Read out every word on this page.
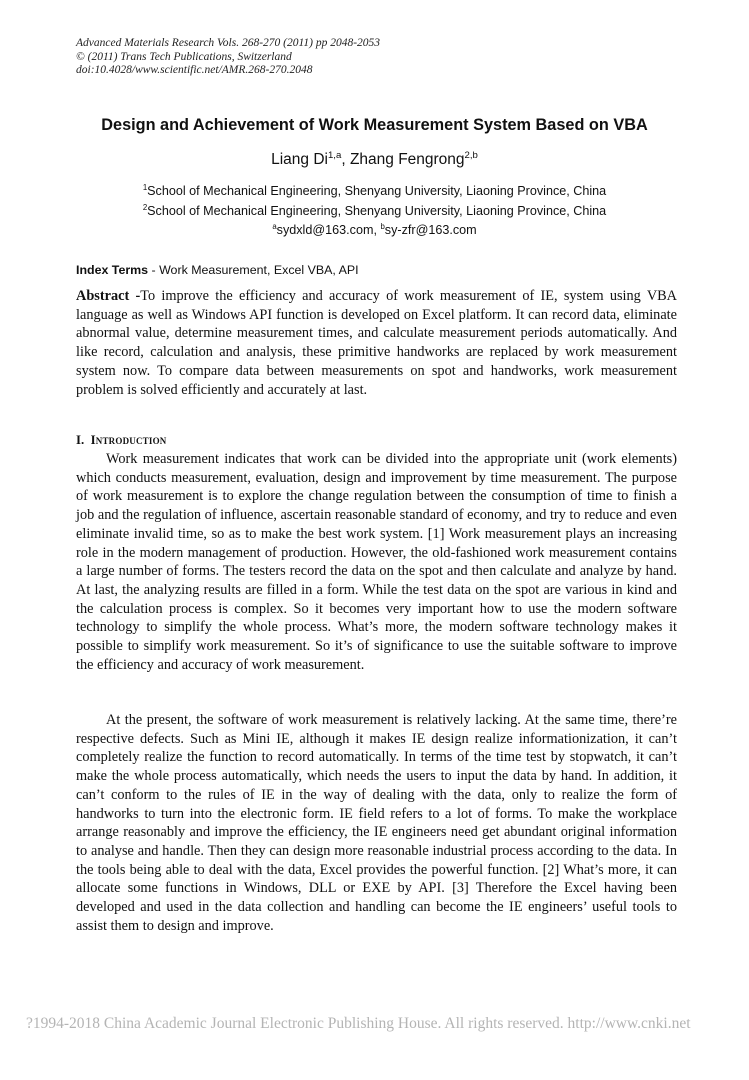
Advanced Materials Research Vols. 268-270 (2011) pp 2048-2053
© (2011) Trans Tech Publications, Switzerland
doi:10.4028/www.scientific.net/AMR.268-270.2048
Design and Achievement of Work Measurement System Based on VBA
Liang Di$^{1,a}$, Zhang Fengrong$^{2,b}$
$^1$School of Mechanical Engineering, Shenyang University, Liaoning Province, China
$^2$School of Mechanical Engineering, Shenyang University, Liaoning Province, China
$^a$sydxld@163.com, $^b$sy-zfr@163.com
Index Terms - Work Measurement, Excel VBA, API
Abstract -To improve the efficiency and accuracy of work measurement of IE, system using VBA language as well as Windows API function is developed on Excel platform. It can record data, eliminate abnormal value, determine measurement times, and calculate measurement periods automatically. And like record, calculation and analysis, these primitive handworks are replaced by work measurement system now. To compare data between measurements on spot and handworks, work measurement problem is solved efficiently and accurately at last.
I. Introduction
Work measurement indicates that work can be divided into the appropriate unit (work elements) which conducts measurement, evaluation, design and improvement by time measurement. The purpose of work measurement is to explore the change regulation between the consumption of time to finish a job and the regulation of influence, ascertain reasonable standard of economy, and try to reduce and even eliminate invalid time, so as to make the best work system. [1] Work measurement plays an increasing role in the modern management of production. However, the old-fashioned work measurement contains a large number of forms. The testers record the data on the spot and then calculate and analyze by hand. At last, the analyzing results are filled in a form. While the test data on the spot are various in kind and the calculation process is complex. So it becomes very important how to use the modern software technology to simplify the whole process. What’s more, the modern software technology makes it possible to simplify work measurement. So it’s of significance to use the suitable software to improve the efficiency and accuracy of work measurement.
At the present, the software of work measurement is relatively lacking. At the same time, there’re respective defects. Such as Mini IE, although it makes IE design realize informationization, it can’t completely realize the function to record automatically. In terms of the time test by stopwatch, it can’t make the whole process automatically, which needs the users to input the data by hand. In addition, it can’t conform to the rules of IE in the way of dealing with the data, only to realize the form of handworks to turn into the electronic form. IE field refers to a lot of forms. To make the workplace arrange reasonably and improve the efficiency, the IE engineers need get abundant original information to analyse and handle. Then they can design more reasonable industrial process according to the data. In the tools being able to deal with the data, Excel provides the powerful function. [2] What’s more, it can allocate some functions in Windows, DLL or EXE by API. [3] Therefore the Excel having been developed and used in the data collection and handling can become the IE engineers’ useful tools to assist them to design and improve.
?1994-2018 China Academic Journal Electronic Publishing House. All rights reserved. http://www.cnki.net
